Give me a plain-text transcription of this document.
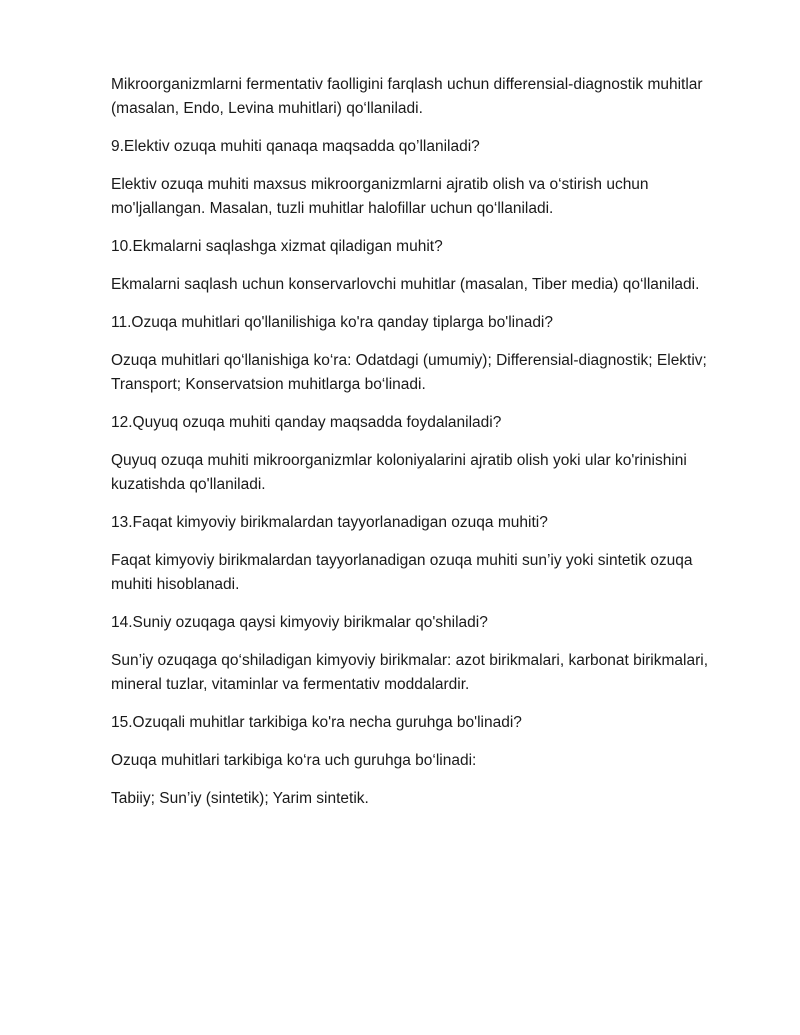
Mikroorganizmlarni fermentativ faolligini farqlash uchun differensial-diagnostik muhitlar (masalan, Endo, Levina muhitlari) qo‘llaniladi.

9.Elektiv ozuqa muhiti qanaqa maqsadda qo’llaniladi?

Elektiv ozuqa muhiti maxsus mikroorganizmlarni ajratib olish va o‘stirish uchun mo'ljallangan. Masalan, tuzli muhitlar halofillar uchun qo‘llaniladi.

10.Ekmalarni saqlashga xizmat qiladigan muhit?

Ekmalarni saqlash uchun konservarlovchi muhitlar (masalan, Tiber media) qo‘llaniladi.

11.Ozuqa muhitlari qo'llanilishiga ko'ra qanday tiplarga bo'linadi?

Ozuqa muhitlari qo‘llanishiga ko‘ra: Odatdagi (umumiy); Differensial-diagnostik; Elektiv; Transport; Konservatsion muhitlarga bo‘linadi.

12.Quyuq ozuqa muhiti qanday maqsadda foydalaniladi?

Quyuq ozuqa muhiti mikroorganizmlar koloniyalarini ajratib olish yoki ular ko'rinishini kuzatishda qo'llaniladi.

13.Faqat kimyoviy birikmalardan tayyorlanadigan ozuqa muhiti?

Faqat kimyoviy birikmalardan tayyorlanadigan ozuqa muhiti sun’iy yoki sintetik ozuqa muhiti hisoblanadi.

14.Suniy ozuqaga qaysi kimyoviy birikmalar qo'shiladi?

Sun’iy ozuqaga qo‘shiladigan kimyoviy birikmalar: azot birikmalari, karbonat birikmalari, mineral tuzlar, vitaminlar va fermentativ moddalardir.

15.Ozuqali muhitlar tarkibiga ko'ra necha guruhga bo'linadi?

Ozuqa muhitlari tarkibiga ko‘ra uch guruhga bo‘linadi:

Tabiiy; Sun’iy (sintetik); Yarim sintetik.
